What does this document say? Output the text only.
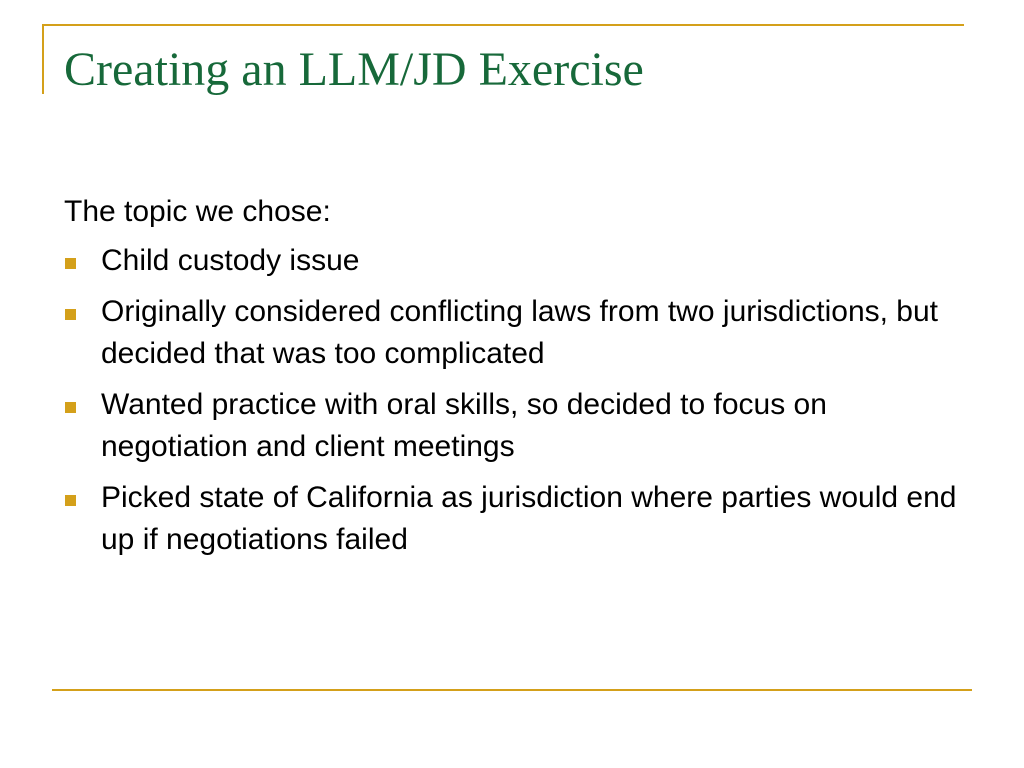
Creating an LLM/JD Exercise

The topic we chose:

Child custody issue
Originally considered conflicting laws from two jurisdictions, but decided that was too complicated
Wanted practice with oral skills, so decided to focus on negotiation and client meetings
Picked state of California as jurisdiction where parties would end up if negotiations failed
